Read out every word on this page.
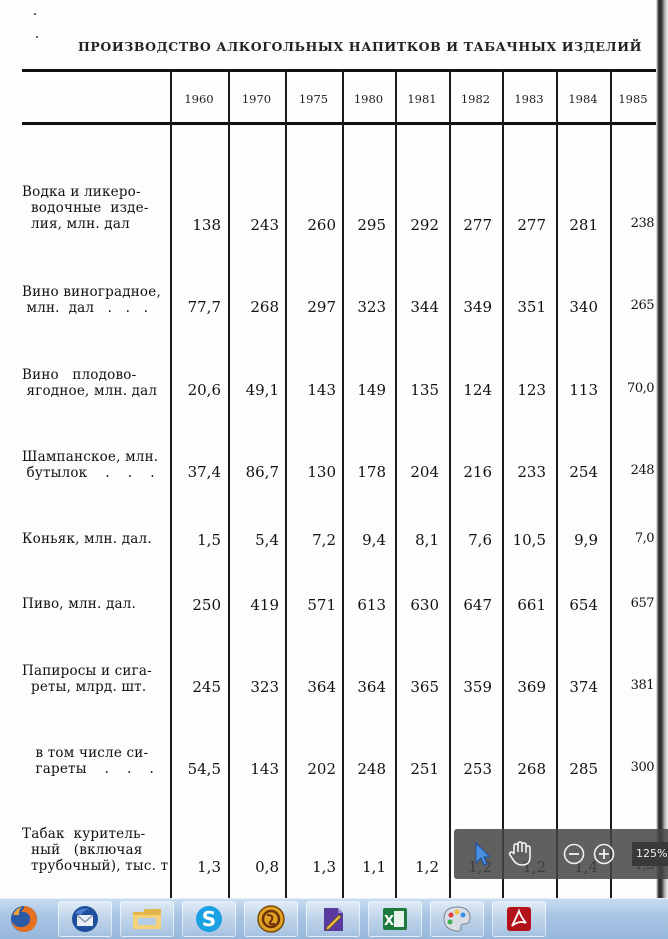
ПРОИЗВОДСТВО АЛКОГОЛЬНЫХ НАПИТКОВ И ТАБАЧНЫХ ИЗДЕЛИЙ
1960	1970	1975	1980	1981	1982	1983	1984	1985
Водка и ликеро-
водочные  изде-
лия, млн. дал	138	243	260	295	292	277	277	281	238
Вино виноградное,
млн.  дал   .   .   .	77,7	268	297	323	344	349	351	340	265
Вино   плодово-
ягодное, млн. дал	20,6	49,1	143	149	135	124	123	113	70,0
Шампанское, млн.
бутылок    .    .    .	37,4	86,7	130	178	204	216	233	254	248
Коньяк, млн. дал.	1,5	5,4	7,2	9,4	8,1	7,6	10,5	9,9	7,0
Пиво, млн. дал.	250	419	571	613	630	647	661	654	657
Папиросы и сига-
реты, млрд. шт.	245	323	364	364	365	359	369	374	381
в том числе си-
гареты    .    .    .	54,5	143	202	248	251	253	268	285	300
Табак  куритель-
ный   (включая
трубочный), тыс. т	1,3	0,8	1,3	1,1	1,2
125%
S	X
